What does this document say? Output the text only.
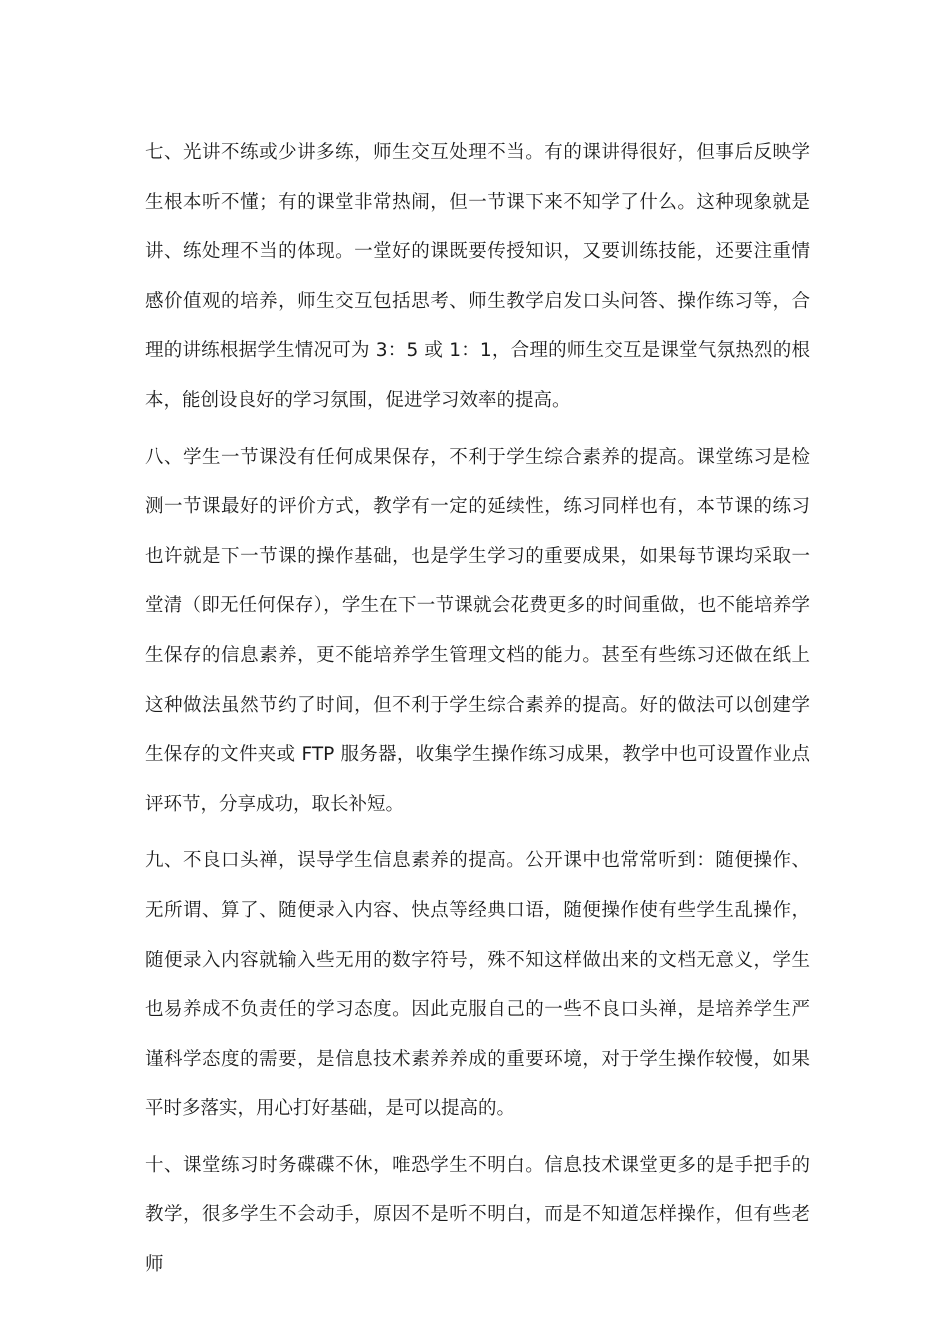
七、光讲不练或少讲多练，师生交互处理不当。有的课讲得很好，但事后反映学生根本听不懂；有的课堂非常热闹，但一节课下来不知学了什么。这种现象就是讲、练处理不当的体现。一堂好的课既要传授知识，又要训练技能，还要注重情感价值观的培养，师生交互包括思考、师生教学启发口头问答、操作练习等，合理的讲练根据学生情况可为 3：5 或 1：1，合理的师生交互是课堂气氛热烈的根本，能创设良好的学习氛围，促进学习效率的提高。

八、学生一节课没有任何成果保存，不利于学生综合素养的提高。课堂练习是检测一节课最好的评价方式，教学有一定的延续性，练习同样也有，本节课的练习也许就是下一节课的操作基础，也是学生学习的重要成果，如果每节课均采取一堂清（即无任何保存），学生在下一节课就会花费更多的时间重做，也不能培养学生保存的信息素养，更不能培养学生管理文档的能力。甚至有些练习还做在纸上这种做法虽然节约了时间，但不利于学生综合素养的提高。好的做法可以创建学生保存的文件夹或 FTP 服务器，收集学生操作练习成果，教学中也可设置作业点评环节，分享成功，取长补短。

九、不良口头禅，误导学生信息素养的提高。公开课中也常常听到：随便操作、无所谓、算了、随便录入内容、快点等经典口语，随便操作使有些学生乱操作，随便录入内容就输入些无用的数字符号，殊不知这样做出来的文档无意义，学生也易养成不负责任的学习态度。因此克服自己的一些不良口头禅，是培养学生严谨科学态度的需要，是信息技术素养养成的重要环境，对于学生操作较慢，如果平时多落实，用心打好基础，是可以提高的。

十、课堂练习时务碟碟不休，唯恐学生不明白。信息技术课堂更多的是手把手的教学，很多学生不会动手，原因不是听不明白，而是不知道怎样操作，但有些老师
